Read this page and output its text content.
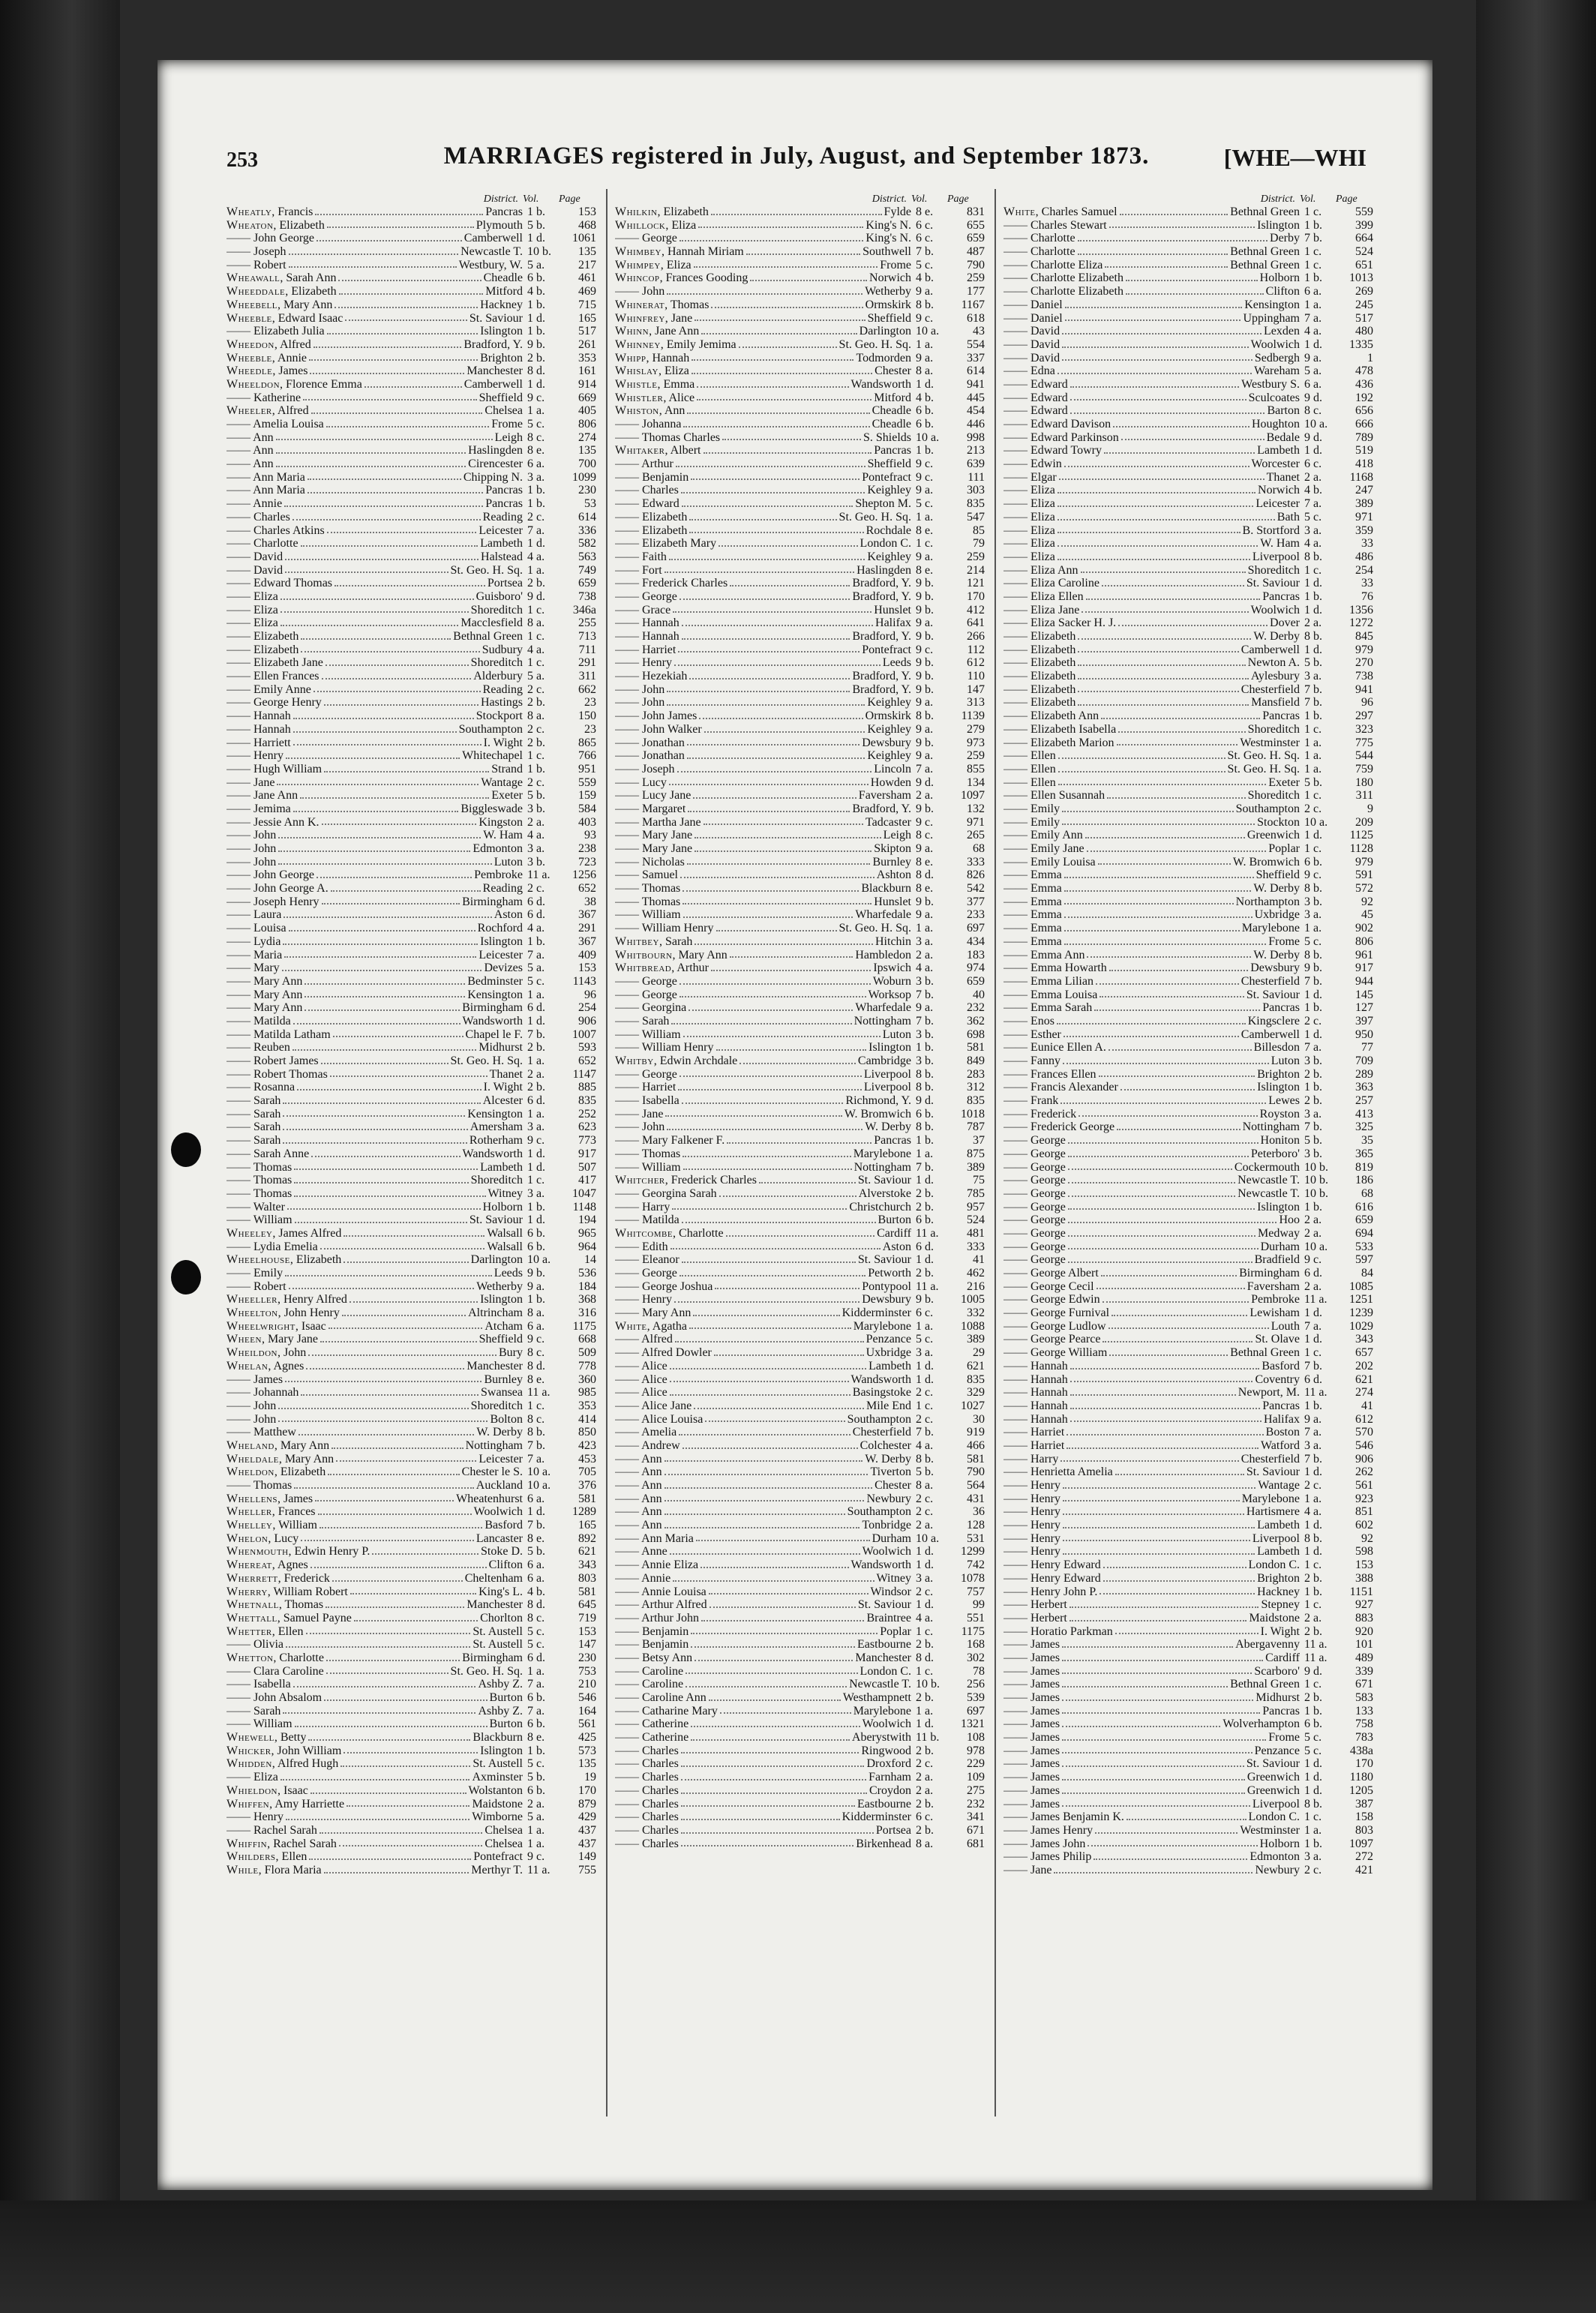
253	MARRIAGES registered in July, August, and September 1873.	[WHE—WHI
District. Vol.	Page
Wheatly, Francis	Pancras 1 b.	153
Wheaton, Elizabeth	Plymouth 5 b.	468
—— John George	Camberwell 1 d.	1061
—— Joseph	Newcastle T. 10 b.	135
—— Robert	Westbury, W. 5 a.	217
Wheawall, Sarah Ann	Cheadle 6 b.	461
Wheeddale, Elizabeth	Mitford 4 b.	469
Wheebell, Mary Ann	Hackney 1 b.	715
Wheeble, Edward Isaac	St. Saviour 1 d.	165
—— Elizabeth Julia	Islington 1 b.	517
Wheedon, Alfred	Bradford, Y. 9 b.	261
Wheeble, Annie	Brighton 2 b.	353
Wheedle, James	Manchester 8 d.	161
Wheeldon, Florence Emma	Camberwell 1 d.	914
—— Katherine	Sheffield 9 c.	669
Wheeler, Alfred	Chelsea 1 a.	405
—— Amelia Louisa	Frome 5 c.	806
—— Ann	Leigh 8 c.	274
—— Ann	Haslingden 8 e.	135
—— Ann	Cirencester 6 a.	700
—— Ann Maria	Chipping N. 3 a.	1099
—— Ann Maria	Pancras 1 b.	230
—— Annie	Pancras 1 b.	53
—— Charles	Reading 2 c.	614
—— Charles Atkins	Leicester 7 a.	336
—— Charlotte	Lambeth 1 d.	582
—— David	Halstead 4 a.	563
—— David	St. Geo. H. Sq. 1 a.	749
—— Edward Thomas	Portsea 2 b.	659
—— Eliza	Guisboro' 9 d.	738
—— Eliza	Shoreditch 1 c.	346a
—— Eliza	Macclesfield 8 a.	255
—— Elizabeth	Bethnal Green 1 c.	713
—— Elizabeth	Sudbury 4 a.	711
—— Elizabeth Jane	Shoreditch 1 c.	291
—— Ellen Frances	Alderbury 5 a.	311
—— Emily Anne	Reading 2 c.	662
—— George Henry	Hastings 2 b.	23
—— Hannah	Stockport 8 a.	150
—— Hannah	Southampton 2 c.	23
—— Harriett	I. Wight 2 b.	865
—— Henry	Whitechapel 1 c.	766
—— Hugh William	Strand 1 b.	951
—— Jane	Wantage 2 c.	559
—— Jane Ann	Exeter 5 b.	159
—— Jemima	Biggleswade 3 b.	584
—— Jessie Ann K.	Kingston 2 a.	403
—— John	W. Ham 4 a.	93
—— John	Edmonton 3 a.	238
—— John	Luton 3 b.	723
—— John George	Pembroke 11 a.	1256
—— John George A.	Reading 2 c.	652
—— Joseph Henry	Birmingham 6 d.	38
—— Laura	Aston 6 d.	367
—— Louisa	Rochford 4 a.	291
—— Lydia	Islington 1 b.	367
—— Maria	Leicester 7 a.	409
—— Mary	Devizes 5 a.	153
—— Mary Ann	Bedminster 5 c.	1143
—— Mary Ann	Kensington 1 a.	96
—— Mary Ann	Birmingham 6 d.	254
—— Matilda	Wandsworth 1 d.	906
—— Matilda Latham	Chapel le F. 7 b.	1007
—— Reuben	Midhurst 2 b.	593
—— Robert James	St. Geo. H. Sq. 1 a.	652
—— Robert Thomas	Thanet 2 a.	1147
—— Rosanna	I. Wight 2 b.	885
—— Sarah	Alcester 6 d.	835
—— Sarah	Kensington 1 a.	252
—— Sarah	Amersham 3 a.	623
—— Sarah	Rotherham 9 c.	773
—— Sarah Anne	Wandsworth 1 d.	917
—— Thomas	Lambeth 1 d.	507
—— Thomas	Shoreditch 1 c.	417
—— Thomas	Witney 3 a.	1047
—— Walter	Holborn 1 b.	1148
—— William	St. Saviour 1 d.	194
Wheeley, James Alfred	Walsall 6 b.	965
—— Lydia Emelia	Walsall 6 b.	964
Wheelhouse, Elizabeth	Darlington 10 a.	14
—— Emily	Leeds 9 b.	536
—— Robert	Wetherby 9 a.	184
Wheeller, Henry Alfred	Islington 1 b.	368
Wheelton, John Henry	Altrincham 8 a.	316
Wheelwright, Isaac	Atcham 6 a.	1175
Wheen, Mary Jane	Sheffield 9 c.	668
Wheildon, John	Bury 8 c.	509
Whelan, Agnes	Manchester 8 d.	778
—— James	Burnley 8 e.	360
—— Johannah	Swansea 11 a.	985
—— John	Shoreditch 1 c.	353
—— John	Bolton 8 c.	414
—— Matthew	W. Derby 8 b.	850
Wheland, Mary Ann	Nottingham 7 b.	423
Wheldale, Mary Ann	Leicester 7 a.	453
Wheldon, Elizabeth	Chester le S. 10 a.	705
—— Thomas	Auckland 10 a.	376
Whellens, James	Wheatenhurst 6 a.	581
Wheller, Frances	Woolwich 1 d.	1289
Whelley, William	Basford 7 b.	165
Whelon, Lucy	Lancaster 8 e.	892
Whenmouth, Edwin Henry P.	Stoke D. 5 b.	621
Whereat, Agnes	Clifton 6 a.	343
Wherrett, Frederick	Cheltenham 6 a.	803
Wherry, William Robert	King's L. 4 b.	581
Whetnall, Thomas	Manchester 8 d.	645
Whettall, Samuel Payne	Chorlton 8 c.	719
Whetter, Ellen	St. Austell 5 c.	153
—— Olivia	St. Austell 5 c.	147
Whetton, Charlotte	Birmingham 6 d.	230
—— Clara Caroline	St. Geo. H. Sq. 1 a.	753
—— Isabella	Ashby Z. 7 a.	210
—— John Absalom	Burton 6 b.	546
—— Sarah	Ashby Z. 7 a.	164
—— William	Burton 6 b.	561
Whewell, Betty	Blackburn 8 e.	425
Whicker, John William	Islington 1 b.	573
Whidden, Alfred Hugh	St. Austell 5 c.	135
—— Eliza	Axminster 5 b.	19
Whieldon, Isaac	Wolstanton 6 b.	170
Whiffen, Amy Harriette	Maidstone 2 a.	879
—— Henry	Wimborne 5 a.	429
—— Rachel Sarah	Chelsea 1 a.	437
Whiffin, Rachel Sarah	Chelsea 1 a.	437
Whilders, Ellen	Pontefract 9 c.	149
While, Flora Maria	Merthyr T. 11 a.	755
District. Vol.	Page
Whilkin, Elizabeth	Fylde 8 e.	831
Whillock, Eliza	King's N. 6 c.	655
—— George	King's N. 6 c.	659
Whimbey, Hannah Miriam	Southwell 7 b.	487
Whimpey, Eliza	Frome 5 c.	790
Whincop, Frances Gooding	Norwich 4 b.	259
—— John	Wetherby 9 a.	177
Whinerat, Thomas	Ormskirk 8 b.	1167
Whinfrey, Jane	Sheffield 9 c.	618
Whinn, Jane Ann	Darlington 10 a.	43
Whinney, Emily Jemima	St. Geo. H. Sq. 1 a.	554
Whipp, Hannah	Todmorden 9 a.	337
Whislay, Eliza	Chester 8 a.	614
Whistle, Emma	Wandsworth 1 d.	941
Whistler, Alice	Mitford 4 b.	445
Whiston, Ann	Cheadle 6 b.	454
—— Johanna	Cheadle 6 b.	446
—— Thomas Charles	S. Shields 10 a.	998
Whitaker, Albert	Pancras 1 b.	213
—— Arthur	Sheffield 9 c.	639
—— Benjamin	Pontefract 9 c.	111
—— Charles	Keighley 9 a.	303
—— Edward	Shepton M. 5 c.	835
—— Elizabeth	St. Geo. H. Sq. 1 a.	547
—— Elizabeth	Rochdale 8 e.	85
—— Elizabeth Mary	London C. 1 c.	79
—— Faith	Keighley 9 a.	259
—— Fort	Haslingden 8 e.	214
—— Frederick Charles	Bradford, Y. 9 b.	121
—— George	Bradford, Y. 9 b.	170
—— Grace	Hunslet 9 b.	412
—— Hannah	Halifax 9 a.	641
—— Hannah	Bradford, Y. 9 b.	266
—— Harriet	Pontefract 9 c.	112
—— Henry	Leeds 9 b.	612
—— Hezekiah	Bradford, Y. 9 b.	110
—— John	Bradford, Y. 9 b.	147
—— John	Keighley 9 a.	313
—— John James	Ormskirk 8 b.	1139
—— John Walker	Keighley 9 a.	279
—— Jonathan	Dewsbury 9 b.	973
—— Jonathan	Keighley 9 a.	259
—— Joseph	Lincoln 7 a.	855
—— Lucy	Howden 9 d.	134
—— Lucy Jane	Faversham 2 a.	1097
—— Margaret	Bradford, Y. 9 b.	132
—— Martha Jane	Tadcaster 9 c.	971
—— Mary Jane	Leigh 8 c.	265
—— Mary Jane	Skipton 9 a.	68
—— Nicholas	Burnley 8 e.	333
—— Samuel	Ashton 8 d.	826
—— Thomas	Blackburn 8 e.	542
—— Thomas	Hunslet 9 b.	377
—— William	Wharfedale 9 a.	233
—— William Henry	St. Geo. H. Sq. 1 a.	697
Whitbey, Sarah	Hitchin 3 a.	434
Whitbourn, Mary Ann	Hambledon 2 a.	183
Whitbread, Arthur	Ipswich 4 a.	974
—— George	Woburn 3 b.	659
—— George	Worksop 7 b.	40
—— Georgina	Wharfedale 9 a.	232
—— Sarah	Nottingham 7 b.	362
—— William	Luton 3 b.	698
—— William Henry	Islington 1 b.	581
Whitby, Edwin Archdale	Cambridge 3 b.	849
—— George	Liverpool 8 b.	283
—— Harriet	Liverpool 8 b.	312
—— Isabella	Richmond, Y. 9 d.	835
—— Jane	W. Bromwich 6 b.	1018
—— John	W. Derby 8 b.	787
—— Mary Falkener F.	Pancras 1 b.	37
—— Thomas	Marylebone 1 a.	875
—— William	Nottingham 7 b.	389
Whitcher, Frederick Charles	St. Saviour 1 d.	75
—— Georgina Sarah	Alverstoke 2 b.	785
—— Harry	Christchurch 2 b.	957
—— Matilda	Burton 6 b.	524
Whitcombe, Charlotte	Cardiff 11 a.	481
—— Edith	Aston 6 d.	333
—— Eleanor	St. Saviour 1 d.	41
—— George	Petworth 2 b.	462
—— George Joshua	Pontypool 11 a.	216
—— Henry	Dewsbury 9 b.	1005
—— Mary Ann	Kidderminster 6 c.	332
White, Agatha	Marylebone 1 a.	1088
—— Alfred	Penzance 5 c.	389
—— Alfred Dowler	Uxbridge 3 a.	29
—— Alice	Lambeth 1 d.	621
—— Alice	Wandsworth 1 d.	835
—— Alice	Basingstoke 2 c.	329
—— Alice Jane	Mile End 1 c.	1027
—— Alice Louisa	Southampton 2 c.	30
—— Amelia	Chesterfield 7 b.	919
—— Andrew	Colchester 4 a.	466
—— Ann	W. Derby 8 b.	581
—— Ann	Tiverton 5 b.	790
—— Ann	Chester 8 a.	564
—— Ann	Newbury 2 c.	431
—— Ann	Southampton 2 c.	36
—— Ann	Tonbridge 2 a.	128
—— Ann Maria	Durham 10 a.	531
—— Anne	Woolwich 1 d.	1299
—— Annie Eliza	Wandsworth 1 d.	742
—— Annie	Witney 3 a.	1078
—— Annie Louisa	Windsor 2 c.	757
—— Arthur Alfred	St. Saviour 1 d.	99
—— Arthur John	Braintree 4 a.	551
—— Benjamin	Poplar 1 c.	1175
—— Benjamin	Eastbourne 2 b.	168
—— Betsy Ann	Manchester 8 d.	302
—— Caroline	London C. 1 c.	78
—— Caroline	Newcastle T. 10 b.	256
—— Caroline Ann	Westhampnett 2 b.	539
—— Catharine Mary	Marylebone 1 a.	697
—— Catherine	Woolwich 1 d.	1321
—— Catherine	Aberystwith 11 b.	108
—— Charles	Ringwood 2 b.	978
—— Charles	Droxford 2 c.	229
—— Charles	Farnham 2 a.	109
—— Charles	Croydon 2 a.	275
—— Charles	Eastbourne 2 b.	232
—— Charles	Kidderminster 6 c.	341
—— Charles	Portsea 2 b.	671
—— Charles	Birkenhead 8 a.	681
District. Vol.	Page
White, Charles Samuel	Bethnal Green 1 c.	559
—— Charles Stewart	Islington 1 b.	399
—— Charlotte	Derby 7 b.	664
—— Charlotte	Bethnal Green 1 c.	524
—— Charlotte Eliza	Bethnal Green 1 c.	651
—— Charlotte Elizabeth	Holborn 1 b.	1013
—— Charlotte Elizabeth	Clifton 6 a.	269
—— Daniel	Kensington 1 a.	245
—— Daniel	Uppingham 7 a.	517
—— David	Lexden 4 a.	480
—— David	Woolwich 1 d.	1335
—— David	Sedbergh 9 a.	1
—— Edna	Wareham 5 a.	478
—— Edward	Westbury S. 6 a.	436
—— Edward	Sculcoates 9 d.	192
—— Edward	Barton 8 c.	656
—— Edward Davison	Houghton 10 a.	666
—— Edward Parkinson	Bedale 9 d.	789
—— Edward Towry	Lambeth 1 d.	519
—— Edwin	Worcester 6 c.	418
—— Elgar	Thanet 2 a.	1168
—— Eliza	Norwich 4 b.	247
—— Eliza	Leicester 7 a.	389
—— Eliza	Bath 5 c.	971
—— Eliza	B. Stortford 3 a.	359
—— Eliza	W. Ham 4 a.	33
—— Eliza	Liverpool 8 b.	486
—— Eliza Ann	Shoreditch 1 c.	254
—— Eliza Caroline	St. Saviour 1 d.	33
—— Eliza Ellen	Pancras 1 b.	76
—— Eliza Jane	Woolwich 1 d.	1356
—— Eliza Sacker H. J.	Dover 2 a.	1272
—— Elizabeth	W. Derby 8 b.	845
—— Elizabeth	Camberwell 1 d.	979
—— Elizabeth	Newton A. 5 b.	270
—— Elizabeth	Aylesbury 3 a.	738
—— Elizabeth	Chesterfield 7 b.	941
—— Elizabeth	Mansfield 7 b.	96
—— Elizabeth Ann	Pancras 1 b.	297
—— Elizabeth Isabella	Shoreditch 1 c.	323
—— Elizabeth Marion	Westminster 1 a.	775
—— Ellen	St. Geo. H. Sq. 1 a.	544
—— Ellen	St. Geo. H. Sq. 1 a.	759
—— Ellen	Exeter 5 b.	180
—— Ellen Susannah	Shoreditch 1 c.	311
—— Emily	Southampton 2 c.	9
—— Emily	Stockton 10 a.	209
—— Emily Ann	Greenwich 1 d.	1125
—— Emily Jane	Poplar 1 c.	1128
—— Emily Louisa	W. Bromwich 6 b.	979
—— Emma	Sheffield 9 c.	591
—— Emma	W. Derby 8 b.	572
—— Emma	Northampton 3 b.	92
—— Emma	Uxbridge 3 a.	45
—— Emma	Marylebone 1 a.	902
—— Emma	Frome 5 c.	806
—— Emma Ann	W. Derby 8 b.	961
—— Emma Howarth	Dewsbury 9 b.	917
—— Emma Lilian	Chesterfield 7 b.	944
—— Emma Louisa	St. Saviour 1 d.	145
—— Emma Sarah	Pancras 1 b.	127
—— Enos	Kingsclere 2 c.	397
—— Esther	Camberwell 1 d.	950
—— Eunice Ellen A.	Billesdon 7 a.	77
—— Fanny	Luton 3 b.	709
—— Frances Ellen	Brighton 2 b.	289
—— Francis Alexander	Islington 1 b.	363
—— Frank	Lewes 2 b.	257
—— Frederick	Royston 3 a.	413
—— Frederick George	Nottingham 7 b.	325
—— George	Honiton 5 b.	35
—— George	Peterboro' 3 b.	365
—— George	Cockermouth 10 b.	819
—— George	Newcastle T. 10 b.	186
—— George	Newcastle T. 10 b.	68
—— George	Islington 1 b.	616
—— George	Hoo 2 a.	659
—— George	Medway 2 a.	694
—— George	Durham 10 a.	533
—— George	Bradfield 9 c.	597
—— George Albert	Birmingham 6 d.	84
—— George Cecil	Faversham 2 a.	1085
—— George Edwin	Pembroke 11 a.	1251
—— George Furnival	Lewisham 1 d.	1239
—— George Ludlow	Louth 7 a.	1029
—— George Pearce	St. Olave 1 d.	343
—— George William	Bethnal Green 1 c.	657
—— Hannah	Basford 7 b.	202
—— Hannah	Coventry 6 d.	621
—— Hannah	Newport, M. 11 a.	274
—— Hannah	Pancras 1 b.	41
—— Hannah	Halifax 9 a.	612
—— Harriet	Boston 7 a.	570
—— Harriet	Watford 3 a.	546
—— Harry	Chesterfield 7 b.	906
—— Henrietta Amelia	St. Saviour 1 d.	262
—— Henry	Wantage 2 c.	561
—— Henry	Marylebone 1 a.	923
—— Henry	Hartismere 4 a.	851
—— Henry	Lambeth 1 d.	602
—— Henry	Liverpool 8 b.	92
—— Henry	Lambeth 1 d.	598
—— Henry Edward	London C. 1 c.	153
—— Henry Edward	Brighton 2 b.	388
—— Henry John P.	Hackney 1 b.	1151
—— Herbert	Stepney 1 c.	927
—— Herbert	Maidstone 2 a.	883
—— Horatio Parkman	I. Wight 2 b.	920
—— James	Abergavenny 11 a.	101
—— James	Cardiff 11 a.	489
—— James	Scarboro' 9 d.	339
—— James	Bethnal Green 1 c.	671
—— James	Midhurst 2 b.	583
—— James	Pancras 1 b.	133
—— James	Wolverhampton 6 b.	758
—— James	Frome 5 c.	783
—— James	Penzance 5 c.	438a
—— James	St. Saviour 1 d.	170
—— James	Greenwich 1 d.	1180
—— James	Greenwich 1 d.	1205
—— James	Liverpool 8 b.	387
—— James Benjamin K.	London C. 1 c.	158
—— James Henry	Westminster 1 a.	803
—— James John	Holborn 1 b.	1097
—— James Philip	Edmonton 3 a.	272
—— Jane	Newbury 2 c.	421
